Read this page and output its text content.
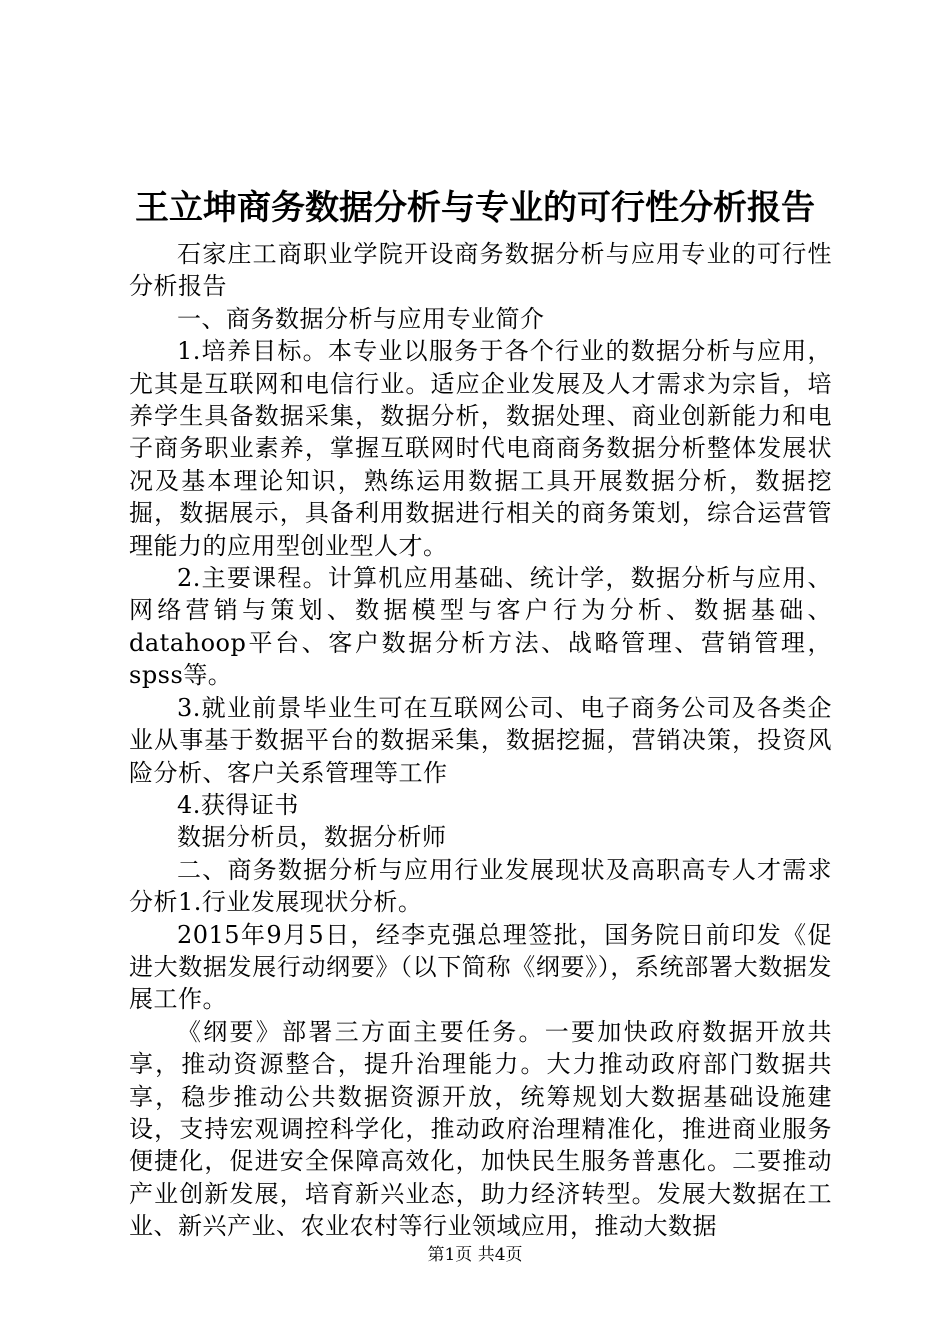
王立坤商务数据分析与专业的可行性分析报告

石家庄工商职业学院开设商务数据分析与应用专业的可行性分析报告

一、商务数据分析与应用专业简介

1.培养目标。本专业以服务于各个行业的数据分析与应用，尤其是互联网和电信行业。适应企业发展及人才需求为宗旨，培养学生具备数据采集，数据分析，数据处理、商业创新能力和电子商务职业素养，掌握互联网时代电商商务数据分析整体发展状况及基本理论知识，熟练运用数据工具开展数据分析，数据挖掘，数据展示，具备利用数据进行相关的商务策划，综合运营管理能力的应用型创业型人才。

2.主要课程。计算机应用基础、统计学，数据分析与应用、网络营销与策划、数据模型与客户行为分析、数据基础、datahoop平台、客户数据分析方法、战略管理、营销管理，spss等。

3.就业前景毕业生可在互联网公司、电子商务公司及各类企业从事基于数据平台的数据采集，数据挖掘，营销决策，投资风险分析、客户关系管理等工作

4.获得证书

数据分析员，数据分析师

二、商务数据分析与应用行业发展现状及高职高专人才需求分析1.行业发展现状分析。

2015年9月5日，经李克强总理签批，国务院日前印发《促进大数据发展行动纲要》（以下简称《纲要》），系统部署大数据发展工作。

《纲要》部署三方面主要任务。一要加快政府数据开放共享，推动资源整合，提升治理能力。大力推动政府部门数据共享，稳步推动公共数据资源开放，统筹规划大数据基础设施建设，支持宏观调控科学化，推动政府治理精准化，推进商业服务便捷化，促进安全保障高效化，加快民生服务普惠化。二要推动产业创新发展，培育新兴业态，助力经济转型。发展大数据在工业、新兴产业、农业农村等行业领域应用，推动大数据

第1页 共4页
